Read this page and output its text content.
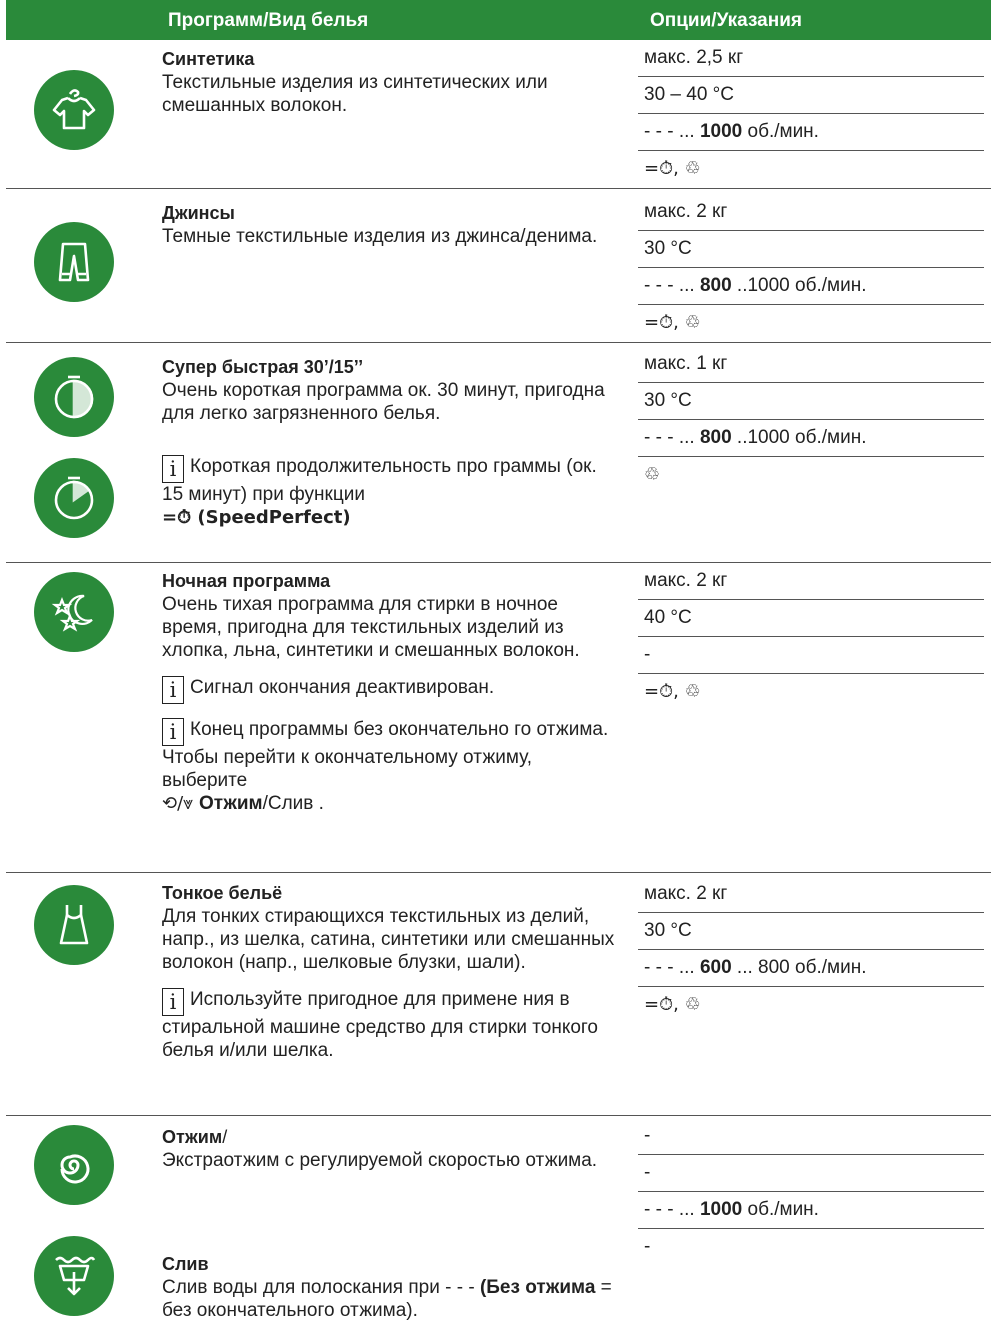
Программ/Вид белья	Опции/Указания

Синтетика

Текстильные изделия из синтетических или смешанных волокон.

макс. 2,5 кг
30 – 40 °C
- - - ... 1000 об./мин.
=⏱, ♲

Джинсы

Темные текстильные изделия из джинса/денима.

макс. 2 кг
30 °C
- - - ... 800 ..1000 об./мин.
=⏱, ♲

Супер быстрая 30’/15’’

Очень короткая программа ок. 30 минут, пригодна для легко загрязненного белья.

i Короткая продолжительность про граммы (ок. 15 минут) при функции

=⏱ (SpeedPerfect)

макс. 1 кг
30 °C
- - - ... 800 ..1000 об./мин.
♲

Ночная программа

Очень тихая программа для стирки в ночное время, пригодна для текстильных изделий из хлопка, льна, синтетики и смешанных волокон.

i Сигнал окончания деактивирован.

i Конец программы без окончательно го отжима. Чтобы перейти к окончательному отжиму, выберите

⟲/⩔ Отжим/Слив .

макс. 2 кг
40 °C
-
=⏱, ♲

Тонкое бельё

Для тонких стирающихся текстильных из делий, напр., из шелка, сатина, синтетики или смешанных волокон (напр., шелковые блузки, шали).

i Используйте пригодное для примене ния в стиральной машине средство для стирки тонкого белья и/или шелка.

макс. 2 кг
30 °C
- - - ... 600 ... 800 об./мин.
=⏱, ♲

Отжим/

Экстраотжим с регулируемой скоростью отжима.

Слив

Слив воды для полоскания при - - - (Без отжима = без окончательного отжима).

-
-
- - - ... 1000 об./мин.
-
